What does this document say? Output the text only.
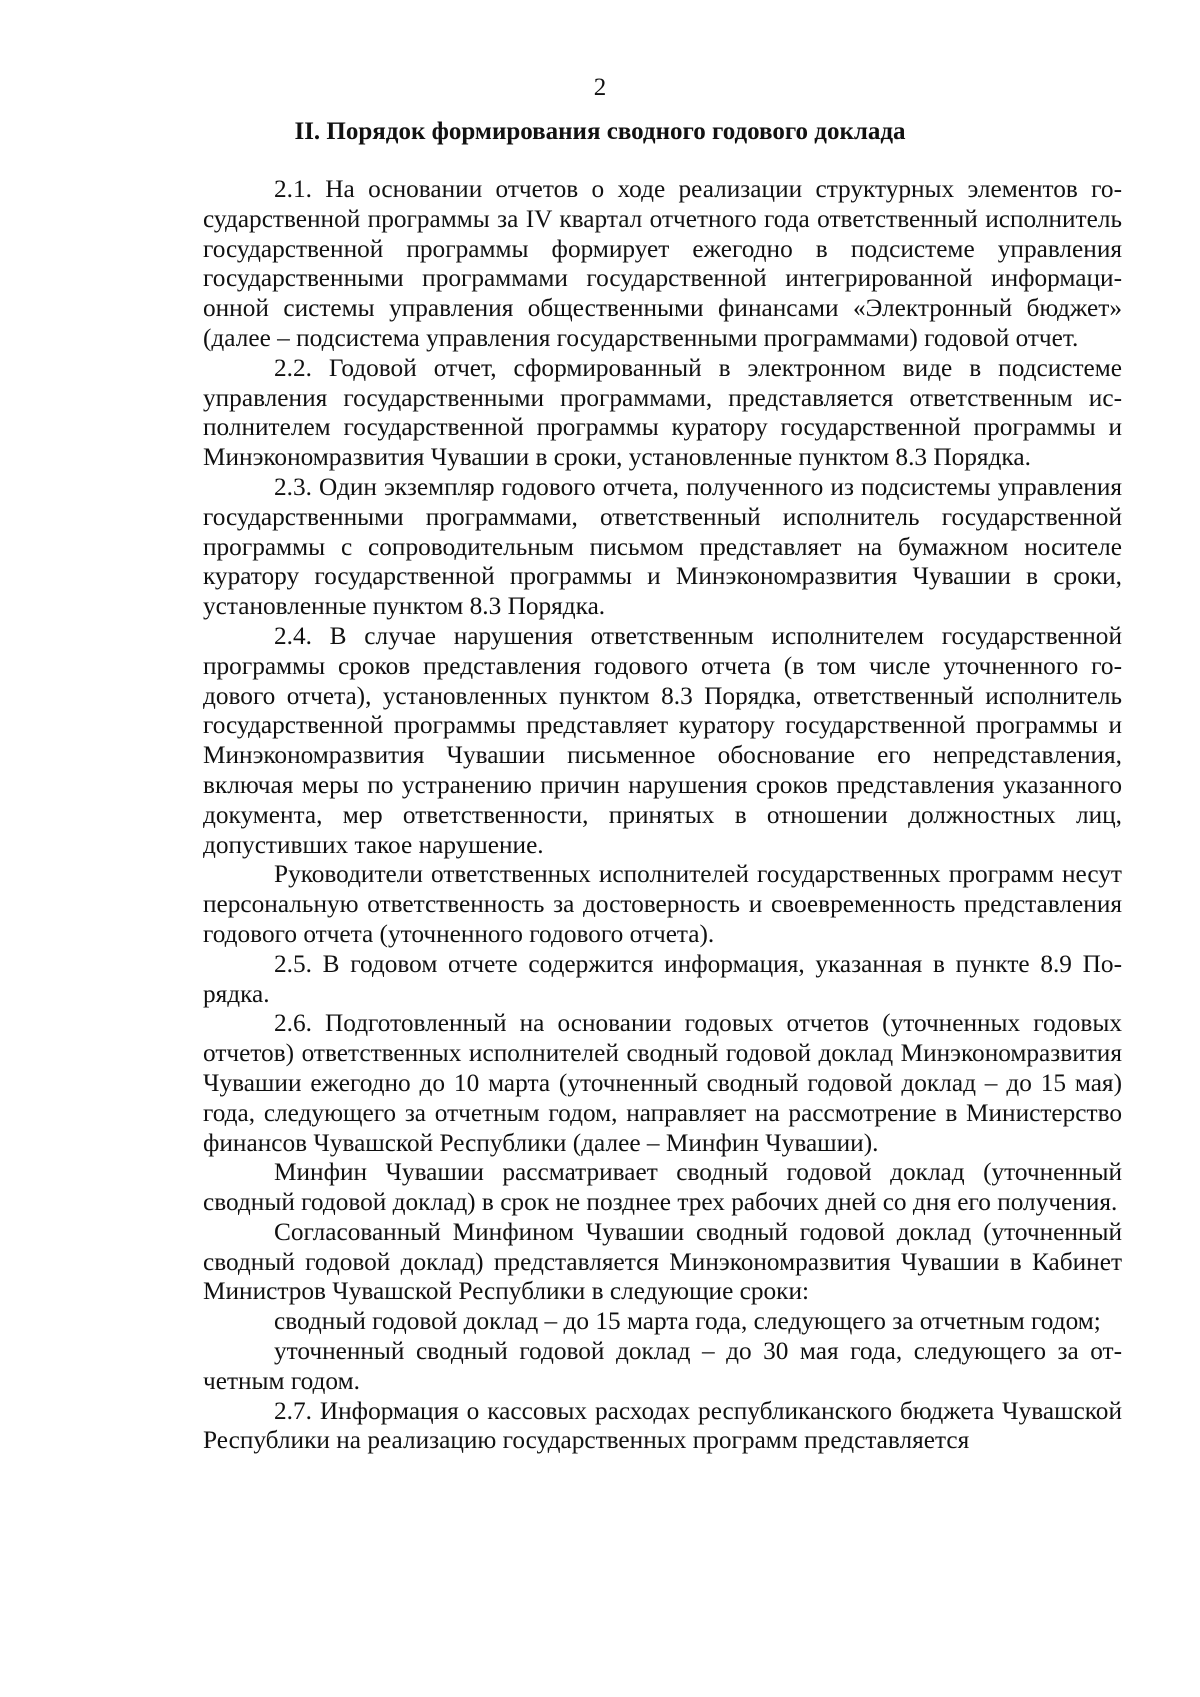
2
II. Порядок формирования сводного годового доклада

2.1. На основании отчетов о ходе реализации структурных элементов государственной программы за IV квартал отчетного года ответственный исполнитель государственной программы формирует ежегодно в подсистеме управления государственными программами государственной интегрированной информационной системы управления общественными финансами «Электронный бюджет» (далее – подсистема управления государственными программами) годовой отчет.

2.2. Годовой отчет, сформированный в электронном виде в подсистеме управления государственными программами, представляется ответственным исполнителем государственной программы куратору государственной программы и Минэкономразвития Чувашии в сроки, установленные пунктом 8.3 Порядка.

2.3. Один экземпляр годового отчета, полученного из подсистемы управления государственными программами, ответственный исполнитель государственной программы с сопроводительным письмом представляет на бумажном носителе куратору государственной программы и Минэкономразвития Чувашии в сроки, установленные пунктом 8.3 Порядка.

2.4. В случае нарушения ответственным исполнителем государственной программы сроков представления годового отчета (в том числе уточненного годового отчета), установленных пунктом 8.3 Порядка, ответственный исполнитель государственной программы представляет куратору государственной программы и Минэкономразвития Чувашии письменное обоснование его непредставления, включая меры по устранению причин нарушения сроков представления указанного документа, мер ответственности, принятых в отношении должностных лиц, допустивших такое нарушение.

Руководители ответственных исполнителей государственных программ несут персональную ответственность за достоверность и своевременность представления годового отчета (уточненного годового отчета).

2.5. В годовом отчете содержится информация, указанная в пункте 8.9 Порядка.

2.6. Подготовленный на основании годовых отчетов (уточненных годовых отчетов) ответственных исполнителей сводный годовой доклад Минэкономразвития Чувашии ежегодно до 10 марта (уточненный сводный годовой доклад – до 15 мая) года, следующего за отчетным годом, направляет на рассмотрение в Министерство финансов Чувашской Республики (далее – Минфин Чувашии).

Минфин Чувашии рассматривает сводный годовой доклад (уточненный сводный годовой доклад) в срок не позднее трех рабочих дней со дня его получения.

Согласованный Минфином Чувашии сводный годовой доклад (уточненный сводный годовой доклад) представляется Минэкономразвития Чувашии в Кабинет Министров Чувашской Республики в следующие сроки:

сводный годовой доклад – до 15 марта года, следующего за отчетным годом;

уточненный сводный годовой доклад – до 30 мая года, следующего за отчетным годом.

2.7. Информация о кассовых расходах республиканского бюджета Чувашской Республики на реализацию государственных программ представляется
